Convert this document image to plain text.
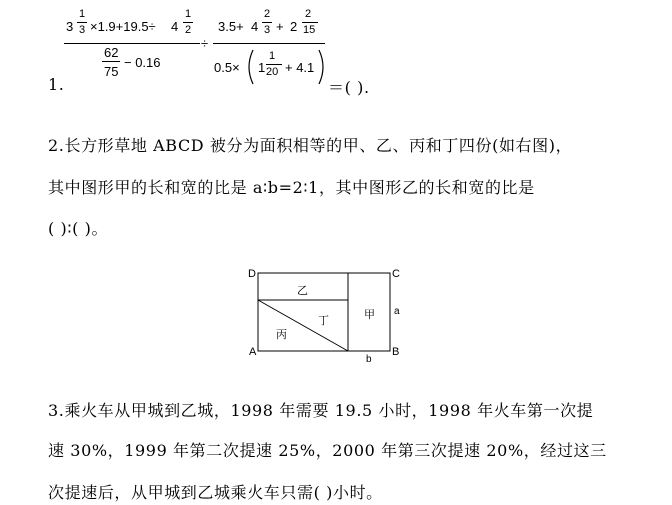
1.
3
1
3 ×1.9+19.5÷ 4
1
2
62
75
− 0.16
÷
3.5+ 4
2
3 + 2
2
15
0.5× 1
1
20 + 4.1
＝( ).
2.长方形草地 ABCD 被分为面积相等的甲、乙、丙和丁四份(如右图)，
其中图形甲的长和宽的比是 a∶b=2∶1，其中图形乙的长和宽的比是
( )∶( )。
D	C
A	B
乙
甲
丁
丙
a
b
3.乘火车从甲城到乙城，1998 年需要 19.5 小时，1998 年火车第一次提
速 30%，1999 年第二次提速 25%，2000 年第三次提速 20%，经过这三
次提速后，从甲城到乙城乘火车只需( )小时。
